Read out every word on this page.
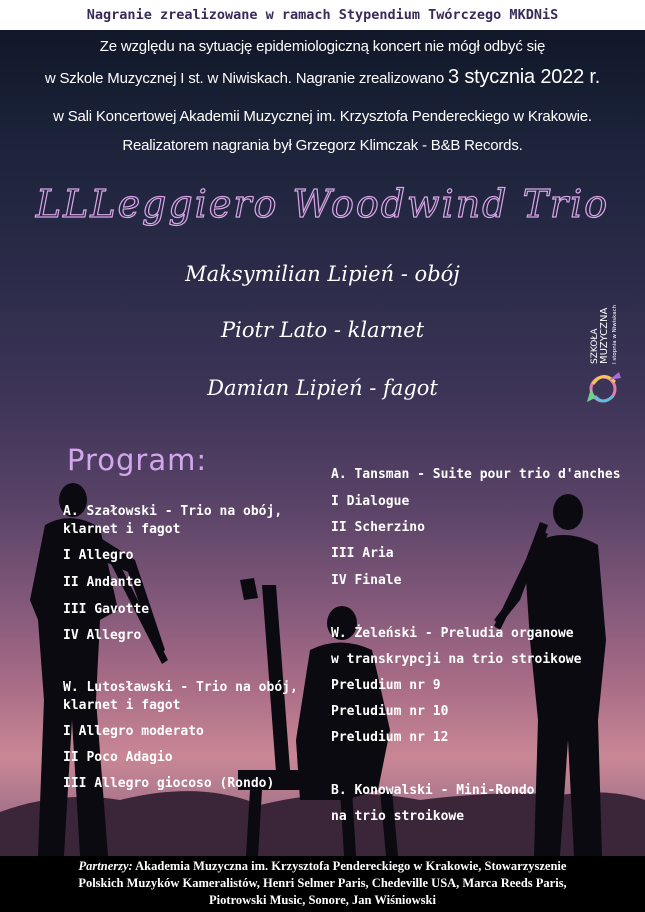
Nagranie zrealizowane w ramach Stypendium Twórczego MKDNiS
Ze względu na sytuację epidemiologiczną koncert nie mógł odbyć się
w Szkole Muzycznej I st. w Niwiskach. Nagranie zrealizowano 3 stycznia 2022 r.
w Sali Koncertowej Akademii Muzycznej im. Krzysztofa Pendereckiego w Krakowie.
Realizatorem nagrania był Grzegorz Klimczak - B&B Records.
LLLeggiero Woodwind Trio
Maksymilian Lipień - obój
Piotr Lato - klarnet
Damian Lipień - fagot
SZKOŁA MUZYCZNA I stopnia w Niwiskach
Program:
A. Szałowski - Trio na obój,
klarnet i fagot
I Allegro
II Andante
III Gavotte
IV Allegro
W. Lutosławski - Trio na obój,
klarnet i fagot
I Allegro moderato
II Poco Adagio
III Allegro giocoso (Rondo)
A. Tansman - Suite pour trio d'anches
I Dialogue
II Scherzino
III Aria
IV Finale
W. Żeleński - Preludia organowe
w transkrypcji na trio stroikowe
Preludium nr 9
Preludium nr 10
Preludium nr 12
B. Konowalski - Mini-Rondo
na trio stroikowe
Partnerzy: Akademia Muzyczna im. Krzysztofa Pendereckiego w Krakowie, Stowarzyszenie
Polskich Muzyków Kameralistów, Henri Selmer Paris, Chedeville USA, Marca Reeds Paris,
Piotrowski Music, Sonore, Jan Wiśniowski
